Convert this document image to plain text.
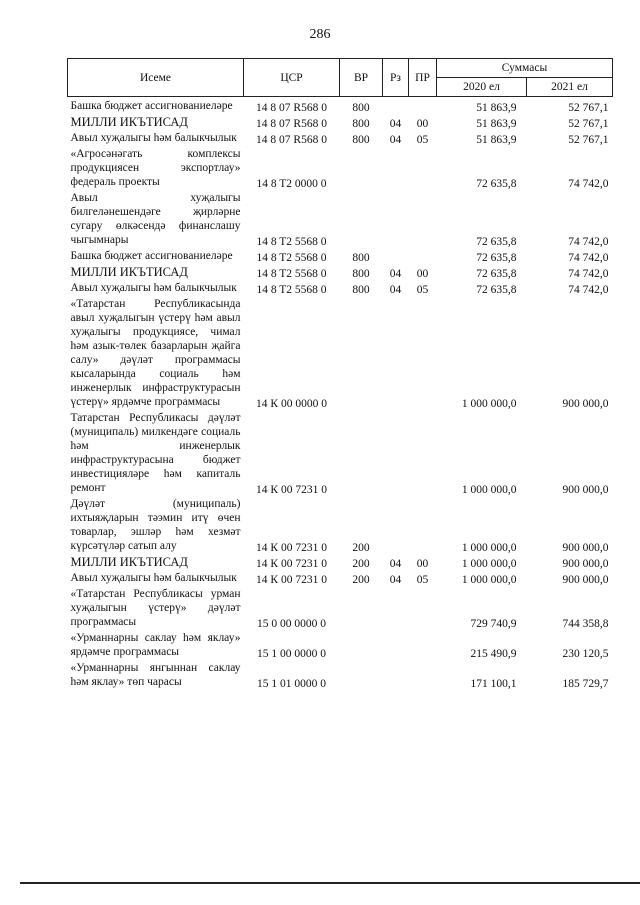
286
Исеме	ЦСР	ВР	Рз	ПР	Суммасы	
					2020 ел	2021 ел
Башка бюджет ассигнованиеләре	14 8 07 R568 0	800			51 863,9	52 767,1
МИЛЛИ ИКЪТИСАД	14 8 07 R568 0	800	04	00	51 863,9	52 767,1
Авыл хуҗалыгы һәм балыкчылык	14 8 07 R568 0	800	04	05	51 863,9	52 767,1
«Агросәнәгать комплексы продукциясен экспортлау» федераль проекты	14 8 T2 0000 0				72 635,8	74 742,0
Авыл хуҗалыгы билгеләнешендәге җирләрне сугару өлкәсендә финанслашу чыгымнары	14 8 T2 5568 0				72 635,8	74 742,0
Башка бюджет ассигнованиеләре	14 8 T2 5568 0	800			72 635,8	74 742,0
МИЛЛИ ИКЪТИСАД	14 8 T2 5568 0	800	04	00	72 635,8	74 742,0
Авыл хуҗалыгы һәм балыкчылык	14 8 T2 5568 0	800	04	05	72 635,8	74 742,0
«Татарстан Республикасында авыл хуҗалыгын үстерү һәм авыл хуҗалыгы продукциясе, чимал һәм азык-төлек базарларын җайга салу» дәүләт программасы кысаларында социаль һәм инженерлык инфраструктурасын үстерү» ярдәмче программасы	14 К 00 0000 0				1 000 000,0	900 000,0
Татарстан Республикасы дәүләт (муниципаль) милкендәге социаль һәм инженерлык инфраструктурасына бюджет инвестицияләре һәм капиталь ремонт	14 К 00 7231 0				1 000 000,0	900 000,0
Дәүләт (муниципаль) ихтыяҗларын тәэмин итү өчен товарлар, эшләр һәм хезмәт күрсәтүләр сатып алу	14 К 00 7231 0	200			1 000 000,0	900 000,0
МИЛЛИ ИКЪТИСАД	14 К 00 7231 0	200	04	00	1 000 000,0	900 000,0
Авыл хуҗалыгы һәм балыкчылык	14 К 00 7231 0	200	04	05	1 000 000,0	900 000,0
«Татарстан Республикасы урман хуҗалыгын үстерү» дәүләт программасы	15 0 00 0000 0				729 740,9	744 358,8
«Урманнарны саклау һәм яклау» ярдәмче программасы	15 1 00 0000 0				215 490,9	230 120,5
«Урманнарны янгыннан саклау һәм яклау» төп чарасы	15 1 01 0000 0				171 100,1	185 729,7
